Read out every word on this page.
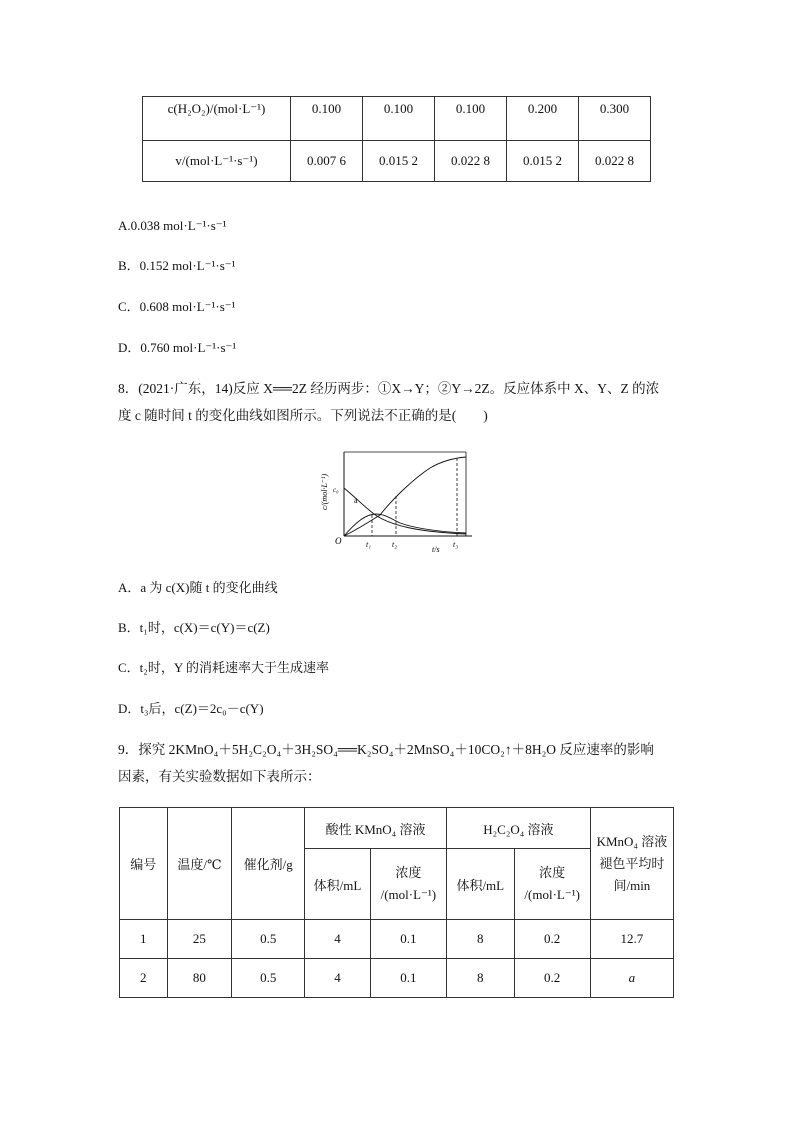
c(H₂O₂)/(mol·L⁻¹)	0.100	0.100	0.100	0.200	0.300
v/(mol·L⁻¹·s⁻¹)	0.007 6	0.015 2	0.022 8	0.015 2	0.022 8
A.0.038 mol·L⁻¹·s⁻¹
B．0.152 mol·L⁻¹·s⁻¹
C．0.608 mol·L⁻¹·s⁻¹
D．0.760 mol·L⁻¹·s⁻¹
8．(2021·广东，14)反应 X══2Z 经历两步：①X→Y；②Y→2Z。反应体系中 X、Y、Z 的浓
度 c 随时间 t 的变化曲线如图所示。下列说法不正确的是(　　)
c/(mol·L⁻¹) c₀
a
O	t₁	t₂
t/s
t₃
A．a 为 c(X)随 t 的变化曲线
B．t₁时，c(X)＝c(Y)＝c(Z)
C．t₂时，Y 的消耗速率大于生成速率
D．t₃后，c(Z)＝2c₀－c(Y)
9．探究 2KMnO₄＋5H₂C₂O₄＋3H₂SO₄══K₂SO₄＋2MnSO₄＋10CO₂↑＋8H₂O 反应速率的影响
因素，有关实验数据如下表所示：
编号	温度/℃	催化剂/g	酸性 KMnO₄ 溶液		H₂C₂O₄ 溶液		KMnO₄ 溶液褪色平均时间/min
			体积/mL	浓度 /(mol·L⁻¹)	体积/mL	浓度 /(mol·L⁻¹)	
1	25	0.5	4	0.1	8	0.2	12.7
2	80	0.5	4	0.1	8	0.2	a
